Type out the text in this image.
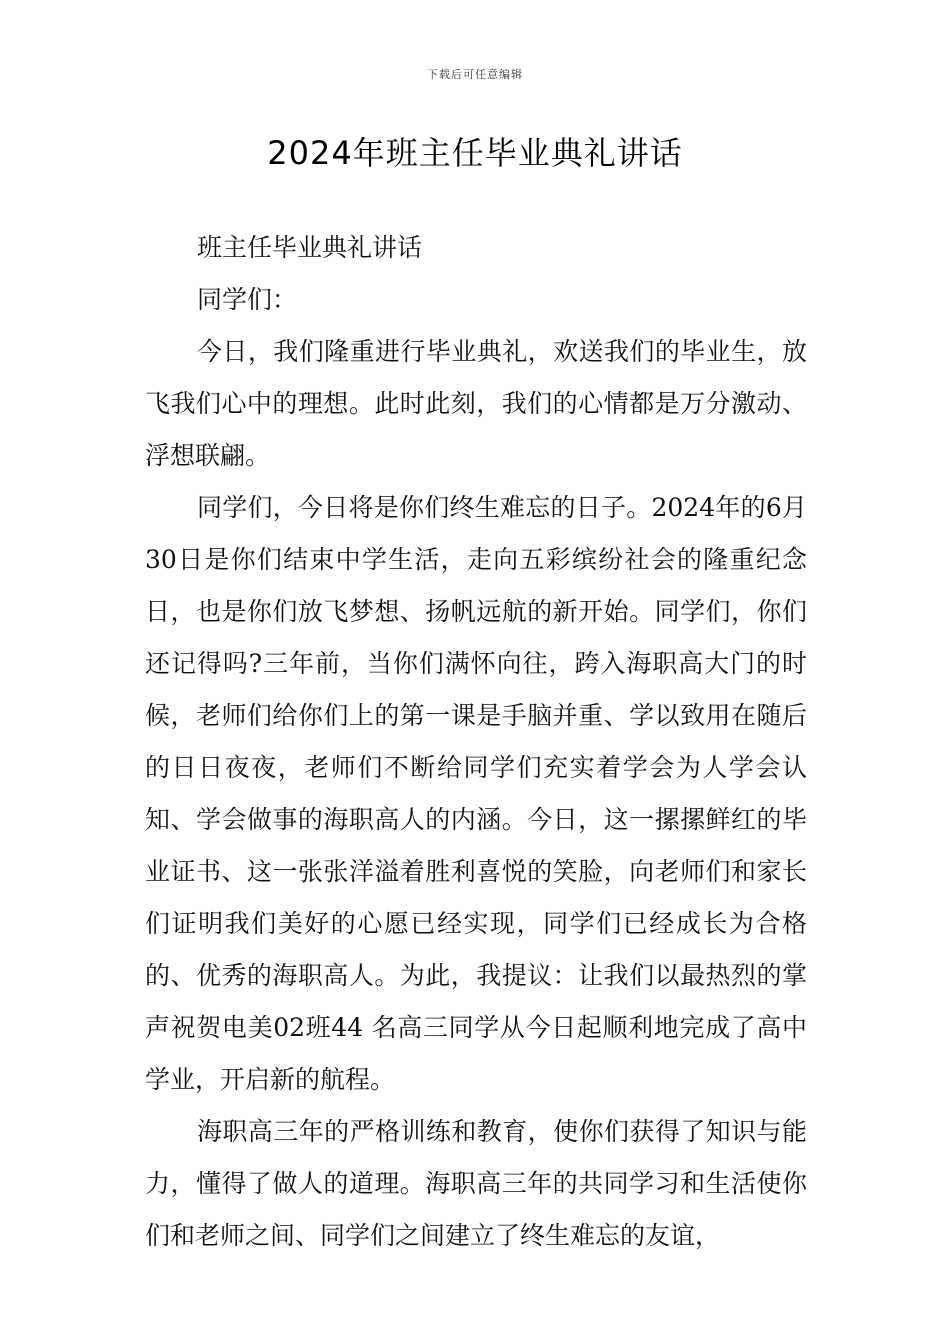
下载后可任意编辑
2024年班主任毕业典礼讲话

班主任毕业典礼讲话

同学们：

今日，我们隆重进行毕业典礼，欢送我们的毕业生，放飞我们心中的理想。此时此刻，我们的心情都是万分激动、浮想联翩。

同学们，今日将是你们终生难忘的日子。2024年的6月30日是你们结束中学生活，走向五彩缤纷社会的隆重纪念日，也是你们放飞梦想、扬帆远航的新开始。同学们，你们还记得吗?三年前，当你们满怀向往，跨入海职高大门的时候，老师们给你们上的第一课是手脑并重、学以致用在随后的日日夜夜，老师们不断给同学们充实着学会为人学会认知、学会做事的海职高人的内涵。今日，这一摞摞鲜红的毕业证书、这一张张洋溢着胜利喜悦的笑脸，向老师们和家长们证明我们美好的心愿已经实现，同学们已经成长为合格的、优秀的海职高人。为此，我提议：让我们以最热烈的掌声祝贺电美02班44 名高三同学从今日起顺利地完成了高中学业，开启新的航程。

海职高三年的严格训练和教育，使你们获得了知识与能力，懂得了做人的道理。海职高三年的共同学习和生活使你们和老师之间、同学们之间建立了终生难忘的友谊，
